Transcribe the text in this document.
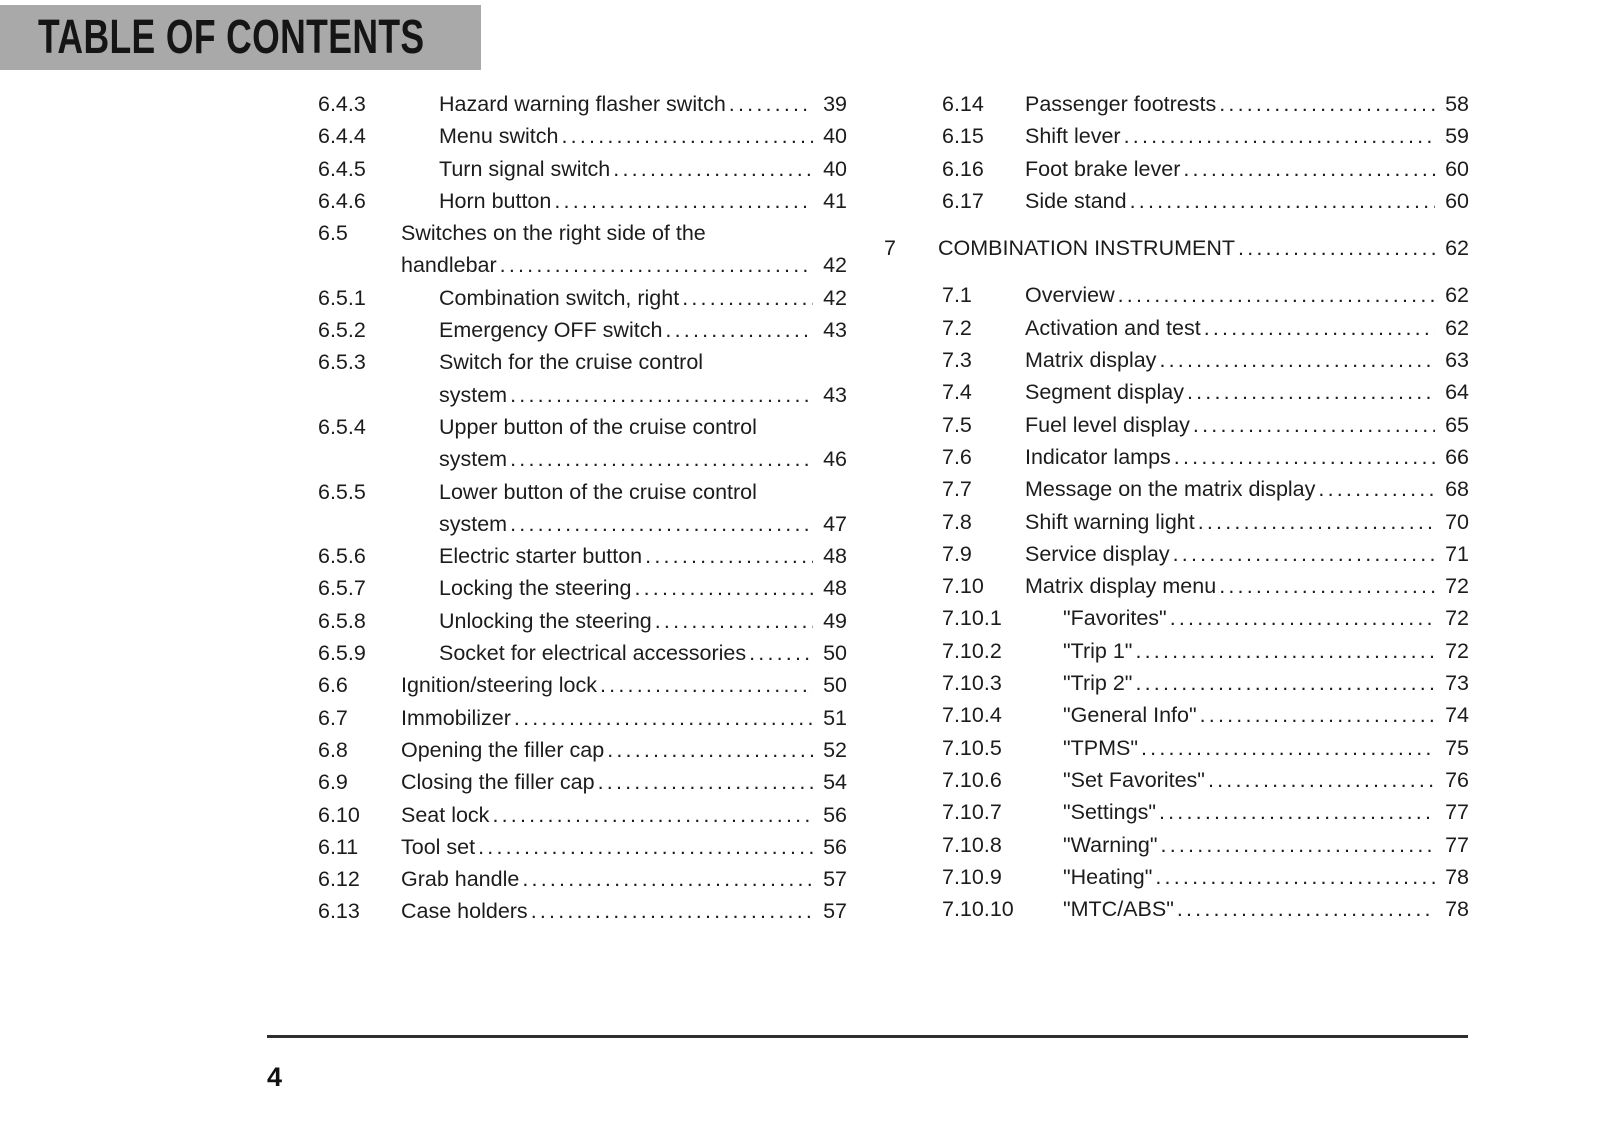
TABLE OF CONTENTS
6.4.3	Hazard warning flasher switch .....	39
6.4.4	Menu switch .....	40
6.4.5	Turn signal switch .....	40
6.4.6	Horn button .....	41
6.5	Switches on the right side of the
handlebar .....	42
6.5.1	Combination switch, right .....	42
6.5.2	Emergency OFF switch .....	43
6.5.3	Switch for the cruise control
system .....	43
6.5.4	Upper button of the cruise control
system .....	46
6.5.5	Lower button of the cruise control
system .....	47
6.5.6	Electric starter button .....	48
6.5.7	Locking the steering .....	48
6.5.8	Unlocking the steering .....	49
6.5.9	Socket for electrical accessories .....	50
6.6	Ignition/steering lock .....	50
6.7	Immobilizer .....	51
6.8	Opening the filler cap .....	52
6.9	Closing the filler cap .....	54
6.10	Seat lock .....	56
6.11	Tool set .....	56
6.12	Grab handle .....	57
6.13	Case holders .....	57
6.14	Passenger footrests .....	58
6.15	Shift lever .....	59
6.16	Foot brake lever .....	60
6.17	Side stand .....	60
7	COMBINATION INSTRUMENT .....	62
7.1	Overview .....	62
7.2	Activation and test .....	62
7.3	Matrix display .....	63
7.4	Segment display .....	64
7.5	Fuel level display .....	65
7.6	Indicator lamps .....	66
7.7	Message on the matrix display .....	68
7.8	Shift warning light .....	70
7.9	Service display .....	71
7.10	Matrix display menu .....	72
7.10.1	"Favorites" .....	72
7.10.2	"Trip 1" .....	72
7.10.3	"Trip 2" .....	73
7.10.4	"General Info" .....	74
7.10.5	"TPMS" .....	75
7.10.6	"Set Favorites" .....	76
7.10.7	"Settings" .....	77
7.10.8	"Warning" .....	77
7.10.9	"Heating" .....	78
7.10.10	"MTC/ABS" .....	78
4
